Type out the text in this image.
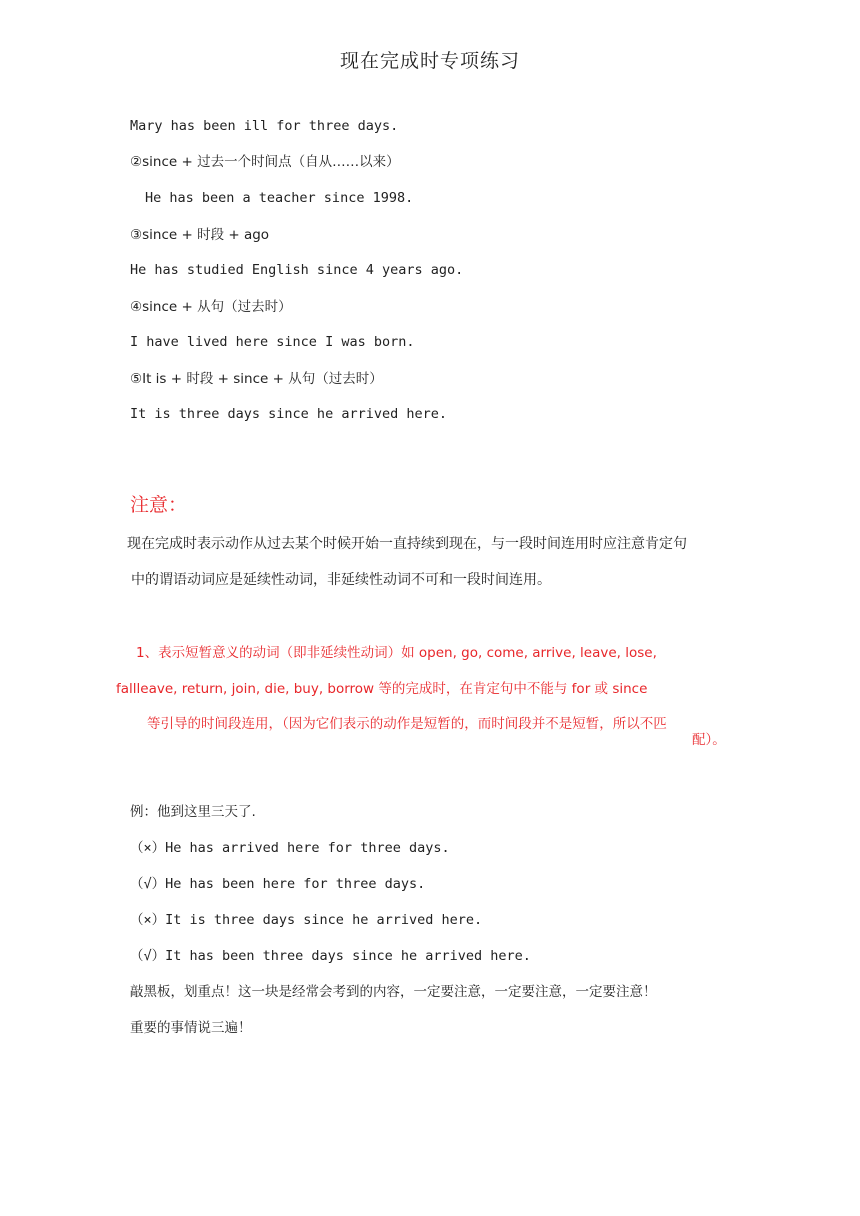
现在完成时专项练习
Mary has been ill for three days.
②since + 过去一个时间点（自从……以来）
He has been a teacher since 1998.
③since + 时段 + ago
He has studied English since 4 years ago.
④since + 从句（过去时）
I have lived here since I was born.
⑤It is + 时段 + since + 从句（过去时）
It is three days since he arrived here.
注意：
现在完成时表示动作从过去某个时候开始一直持续到现在，与一段时间连用时应注意肯定句
中的谓语动词应是延续性动词，非延续性动词不可和一段时间连用。
1、表示短暂意义的动词（即非延续性动词）如 open, go, come, arrive, leave, lose,
fallleave, return, join, die, buy, borrow 等的完成时，在肯定句中不能与 for 或 since
等引导的时间段连用，（因为它们表示的动作是短暂的，而时间段并不是短暂，所以不匹
配）。
例：他到这里三天了.
（×）He has arrived here for three days.
（√）He has been here for three days.
（×）It is three days since he arrived here.
（√）It has been three days since he arrived here.
敲黑板，划重点！这一块是经常会考到的内容，一定要注意，一定要注意，一定要注意！
重要的事情说三遍！
